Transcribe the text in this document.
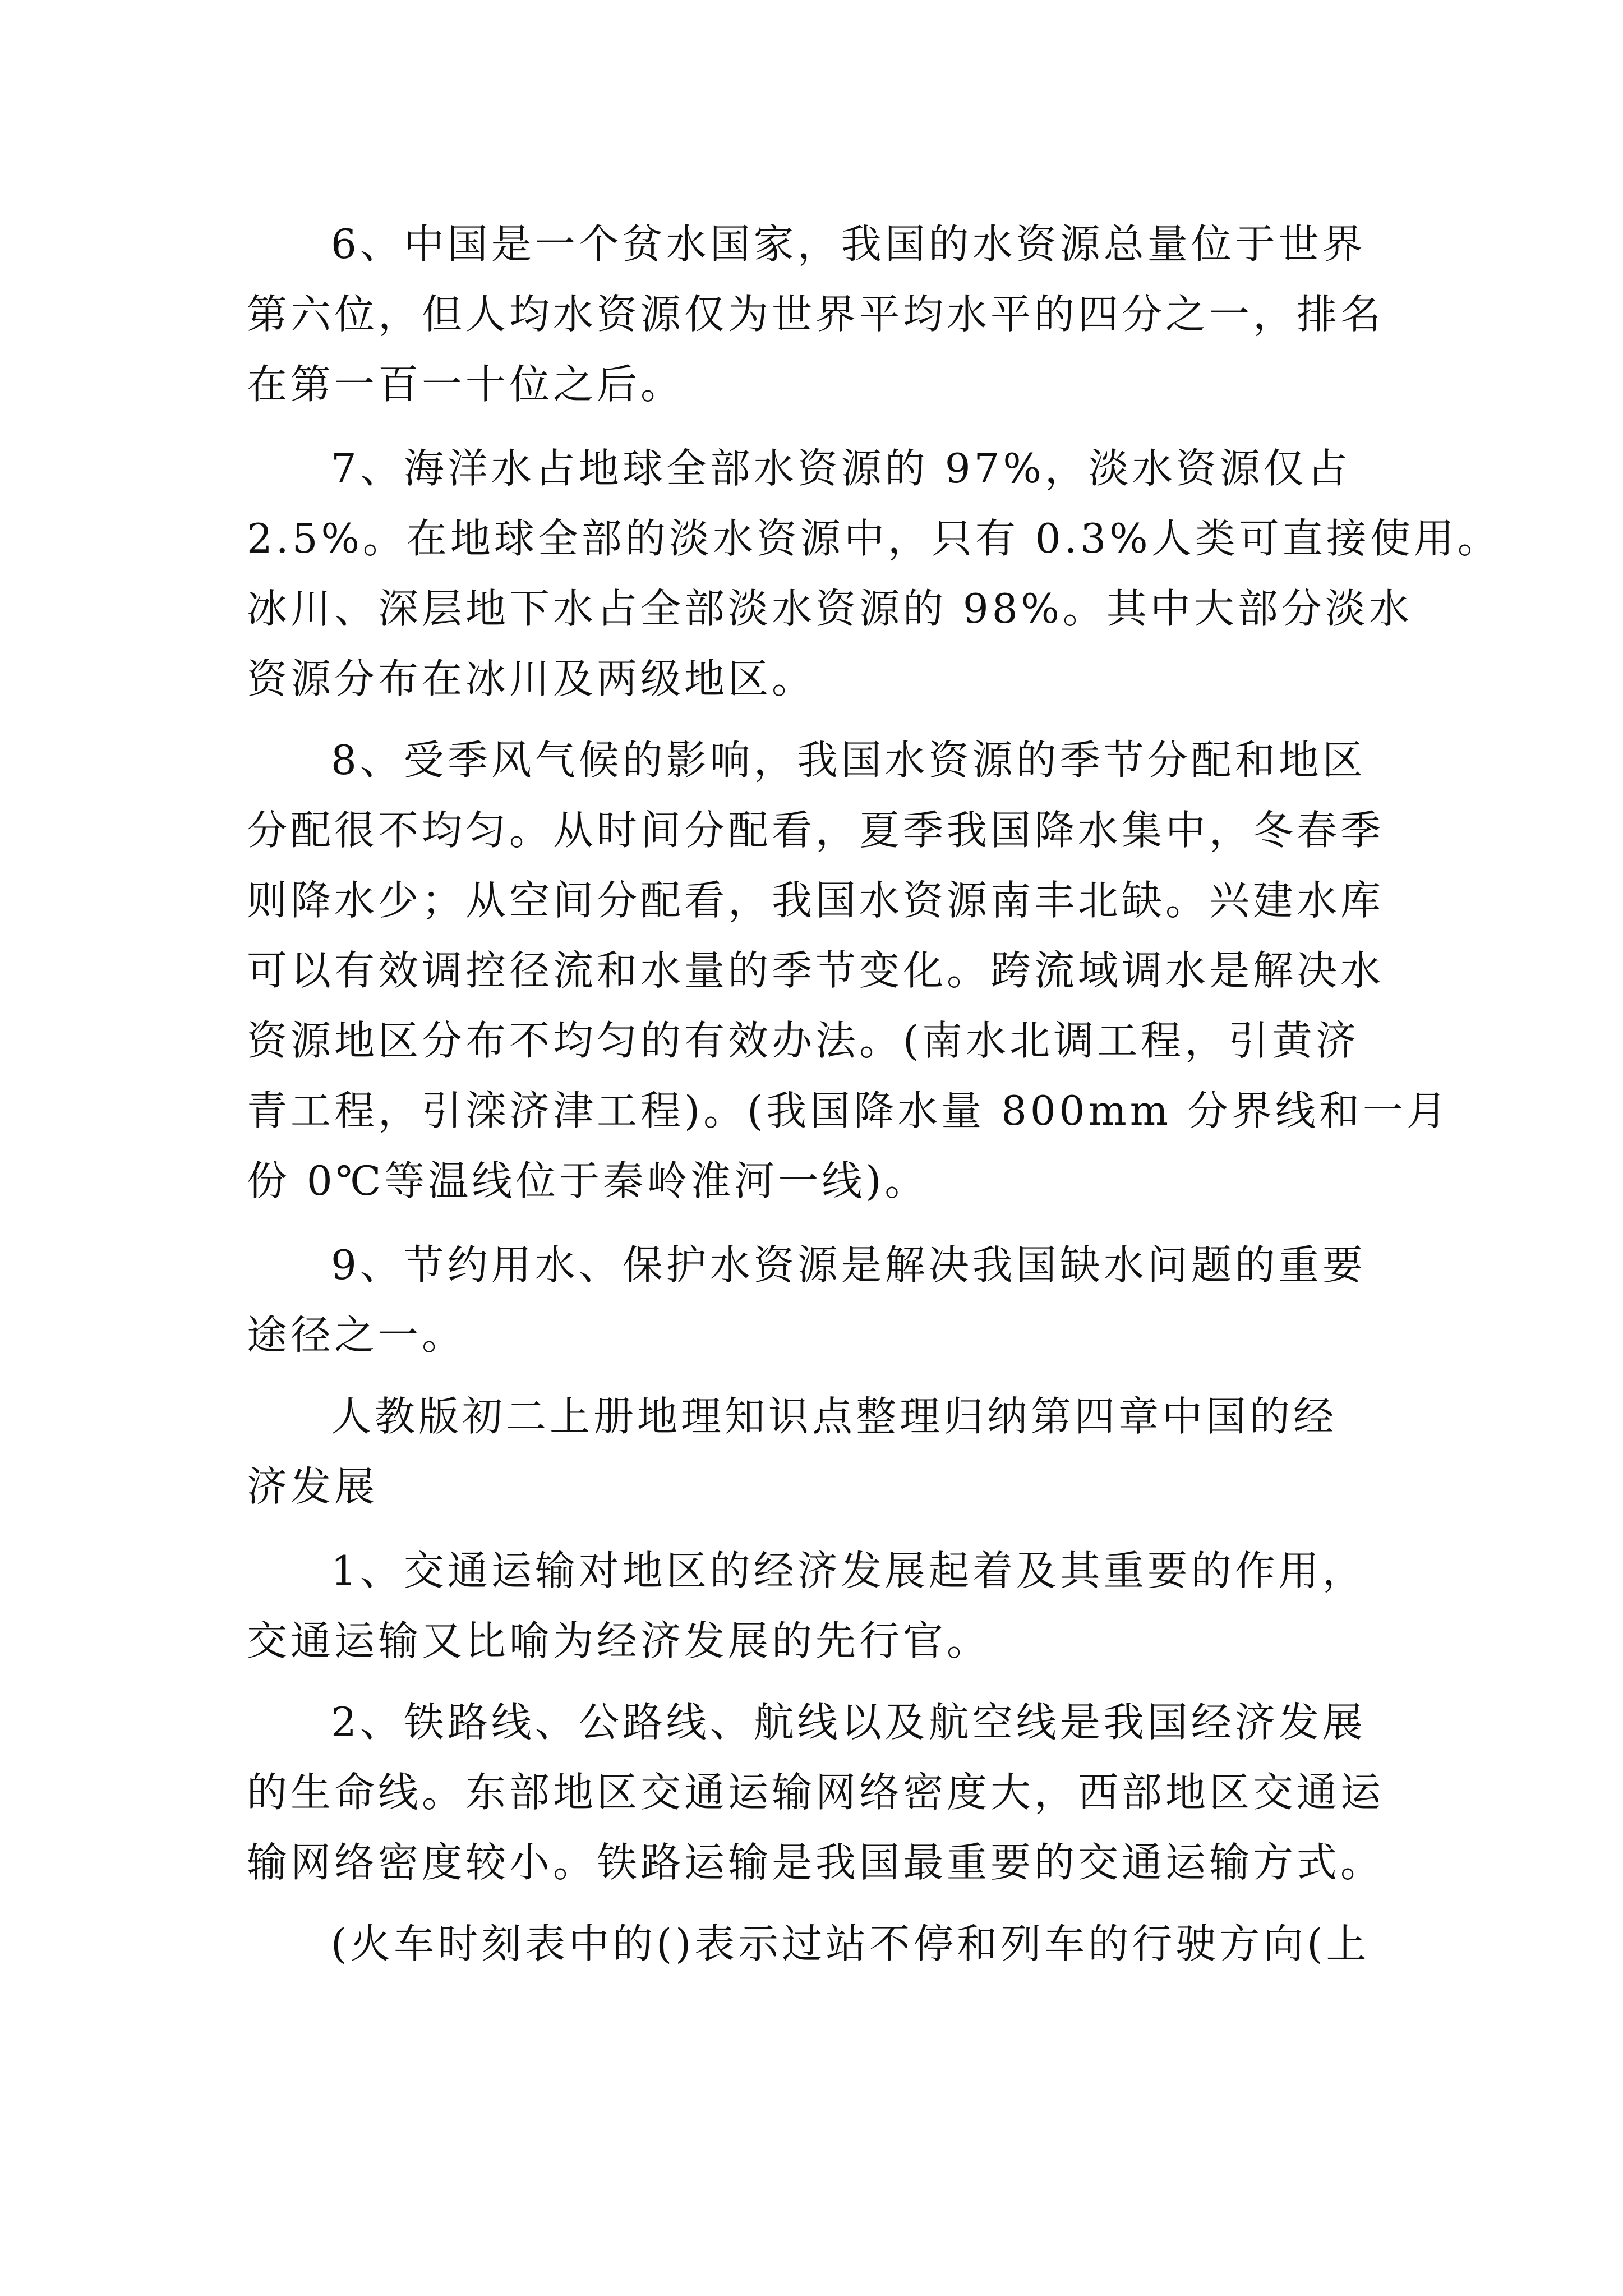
6、中国是一个贫水国家，我国的水资源总量位于世界
第六位，但人均水资源仅为世界平均水平的四分之一，排名
在第一百一十位之后。
7、海洋水占地球全部水资源的 97%，淡水资源仅占
2.5%。在地球全部的淡水资源中，只有 0.3%人类可直接使用。
冰川、深层地下水占全部淡水资源的 98%。其中大部分淡水
资源分布在冰川及两级地区。
8、受季风气候的影响，我国水资源的季节分配和地区
分配很不均匀。从时间分配看，夏季我国降水集中，冬春季
则降水少；从空间分配看，我国水资源南丰北缺。兴建水库
可以有效调控径流和水量的季节变化。跨流域调水是解决水
资源地区分布不均匀的有效办法。(南水北调工程，引黄济
青工程，引滦济津工程)。(我国降水量 800mm 分界线和一月
份 0℃等温线位于秦岭淮河一线)。
9、节约用水、保护水资源是解决我国缺水问题的重要
途径之一。
人教版初二上册地理知识点整理归纳第四章中国的经
济发展
1、交通运输对地区的经济发展起着及其重要的作用，
交通运输又比喻为经济发展的先行官。
2、铁路线、公路线、航线以及航空线是我国经济发展
的生命线。东部地区交通运输网络密度大，西部地区交通运
输网络密度较小。铁路运输是我国最重要的交通运输方式。
(火车时刻表中的()表示过站不停和列车的行驶方向(上
